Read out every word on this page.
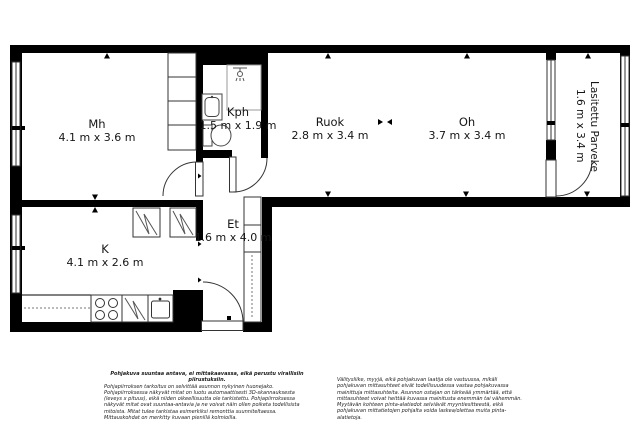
Mh
4.1 m x 3.6 m
Kph
1.5 m x 1.9 m	Ruok
2.8 m x 3.4 m
Oh
3.7 m x 3.4 m
K
4.1 m x 2.6 m
Et
1.6 m x 4.0 m
Lasitettu Parveke
1.6 m x 3.4 m

Pohjakuva suuntaa antava, ei mittakaavassa, eikä perustu virallisiin piirustuksiin.

Pohjapiirroksen tarkoitus on selvittää asunnon nykyinen huonejako. Pohjapiirroksessa näkyvät mitat on luotu automaattisesti 3D-skannauksesta (leveys x pituus), eikä niiden oikeellisuutta ole tarkistettu. Pohjapiirroksessa näkyvät mitat ovat suuntaa-antavia ja ne voivat näin ollen poiketa todellisista mitoista. Mitat tulee tarkistaa esimerkiksi remonttia suunniteltaessa. Mittauskohdat on merkitty kuvaan pienillä kolmioilla.

Välitysliike, myyjä, eikä pohjakuvan laatija ole vastuussa, mikäli pohjakuvan mittasuhteet eivät todellisuudessa vastaa pohjakuvassa mainittuja mittasuhteita. Asunnon ostajan on tärkeää ymmärtää, että mittasuhteet voivat heittää kuvassa mainitusta enemmän tai vähemmän. Myytävän kohteen pinta-alatiedot selviävät myyntiesitteestä, eikä pohjakuvan mittatietojen pohjalta voida laskea/olettaa muita pinta-alatietoja.
